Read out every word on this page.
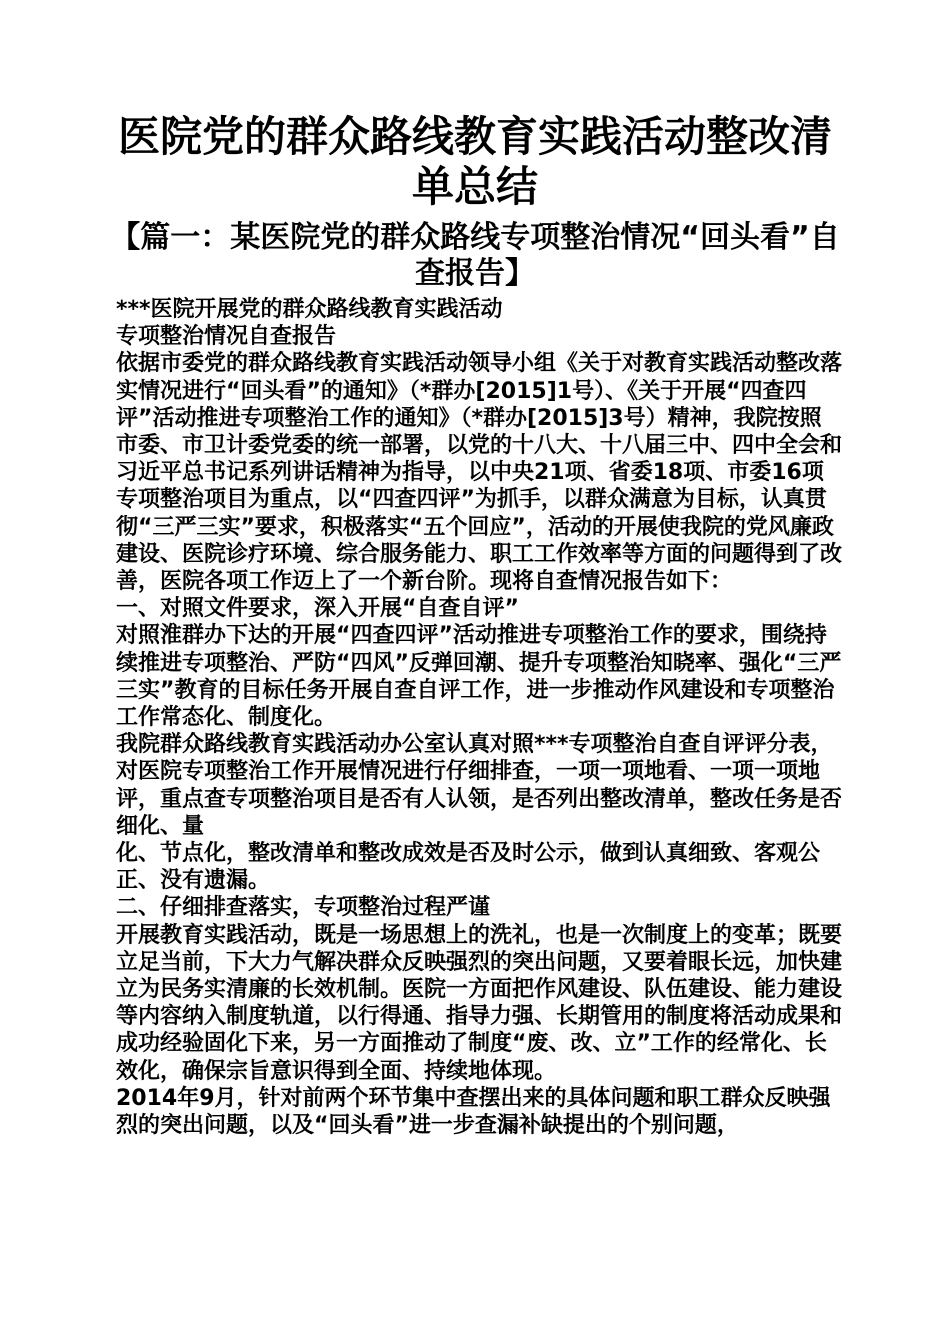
医院党的群众路线教育实践活动整改清单总结
【篇一：某医院党的群众路线专项整治情况“回头看”自查报告】

***医院开展党的群众路线教育实践活动

专项整治情况自查报告

依据市委党的群众路线教育实践活动领导小组《关于对教育实践活动整改落实情况进行“回头看”的通知》（*群办[2015]1号）、《关于开展“四查四评”活动推进专项整治工作的通知》（*群办[2015]3号）精神，我院按照市委、市卫计委党委的统一部署，以党的十八大、十八届三中、四中全会和习近平总书记系列讲话精神为指导，以中央21项、省委18项、市委16项专项整治项目为重点，以“四查四评”为抓手，以群众满意为目标，认真贯彻“三严三实”要求，积极落实“五个回应”，活动的开展使我院的党风廉政建设、医院诊疗环境、综合服务能力、职工工作效率等方面的问题得到了改善，医院各项工作迈上了一个新台阶。现将自查情况报告如下：

一、对照文件要求，深入开展“自查自评”

对照淮群办下达的开展“四查四评”活动推进专项整治工作的要求，围绕持续推进专项整治、严防“四风”反弹回潮、提升专项整治知晓率、强化“三严三实”教育的目标任务开展自查自评工作，进一步推动作风建设和专项整治工作常态化、制度化。

我院群众路线教育实践活动办公室认真对照***专项整治自查自评评分表，对医院专项整治工作开展情况进行仔细排查，一项一项地看、一项一项地评，重点查专项整治项目是否有人认领，是否列出整改清单，整改任务是否细化、量

化、节点化，整改清单和整改成效是否及时公示，做到认真细致、客观公正、没有遗漏。

二、仔细排查落实，专项整治过程严谨

开展教育实践活动，既是一场思想上的洗礼，也是一次制度上的变革；既要立足当前，下大力气解决群众反映强烈的突出问题，又要着眼长远，加快建立为民务实清廉的长效机制。医院一方面把作风建设、队伍建设、能力建设等内容纳入制度轨道，以行得通、指导力强、长期管用的制度将活动成果和成功经验固化下来，另一方面推动了制度“废、改、立”工作的经常化、长效化，确保宗旨意识得到全面、持续地体现。

2014年9月，针对前两个环节集中查摆出来的具体问题和职工群众反映强烈的突出问题，以及“回头看”进一步查漏补缺提出的个别问题，
